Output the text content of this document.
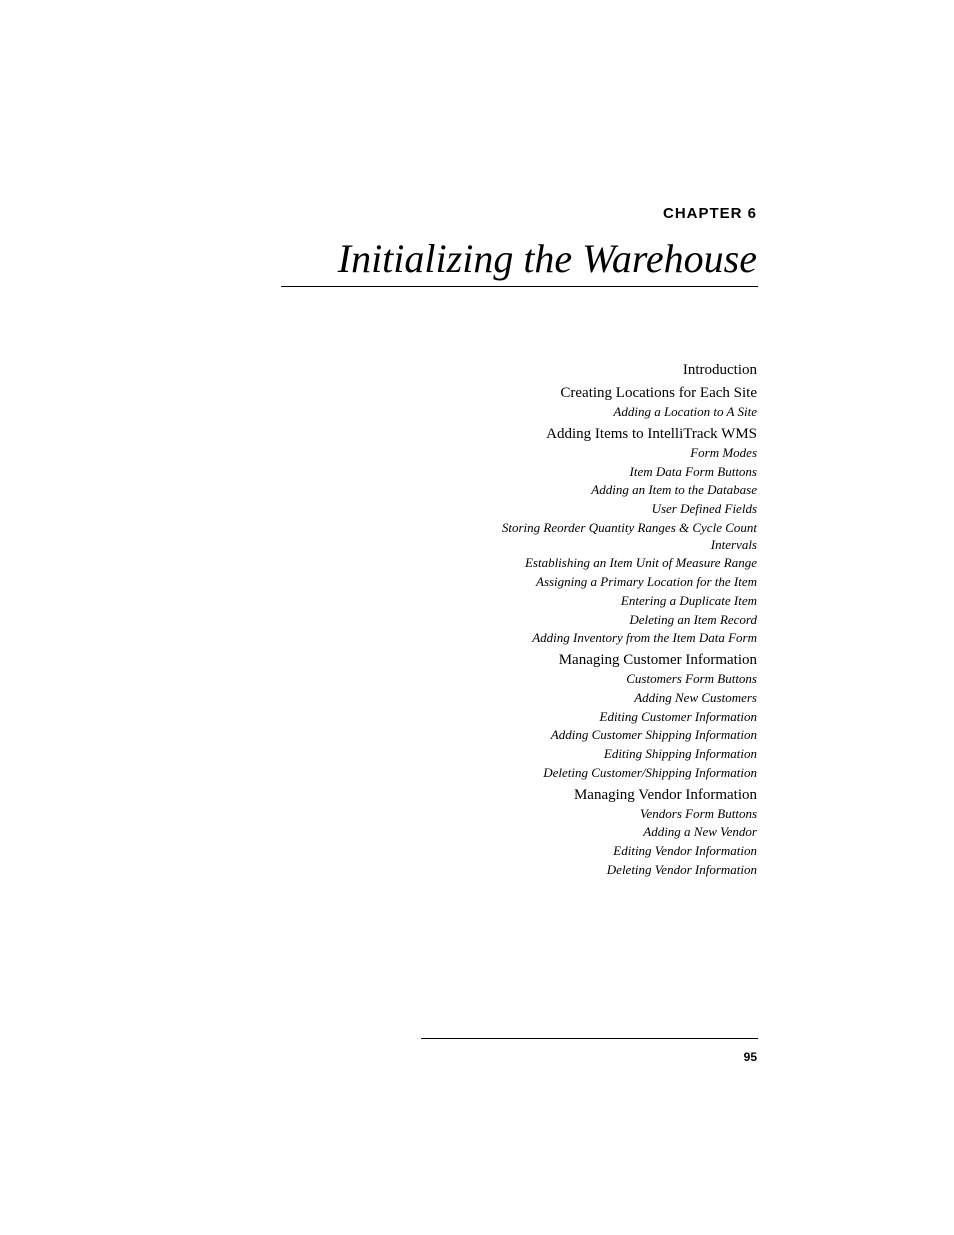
CHAPTER 6
Initializing the Warehouse
Introduction
Creating Locations for Each Site
Adding a Location to A Site
Adding Items to IntelliTrack WMS
Form Modes
Item Data Form Buttons
Adding an Item to the Database
User Defined Fields
Storing Reorder Quantity Ranges & Cycle Count Intervals
Establishing an Item Unit of Measure Range
Assigning a Primary Location for the Item
Entering a Duplicate Item
Deleting an Item Record
Adding Inventory from the Item Data Form
Managing Customer Information
Customers Form Buttons
Adding New Customers
Editing Customer Information
Adding Customer Shipping Information
Editing Shipping Information
Deleting Customer/Shipping Information
Managing Vendor Information
Vendors Form Buttons
Adding a New Vendor
Editing Vendor Information
Deleting Vendor Information
95
